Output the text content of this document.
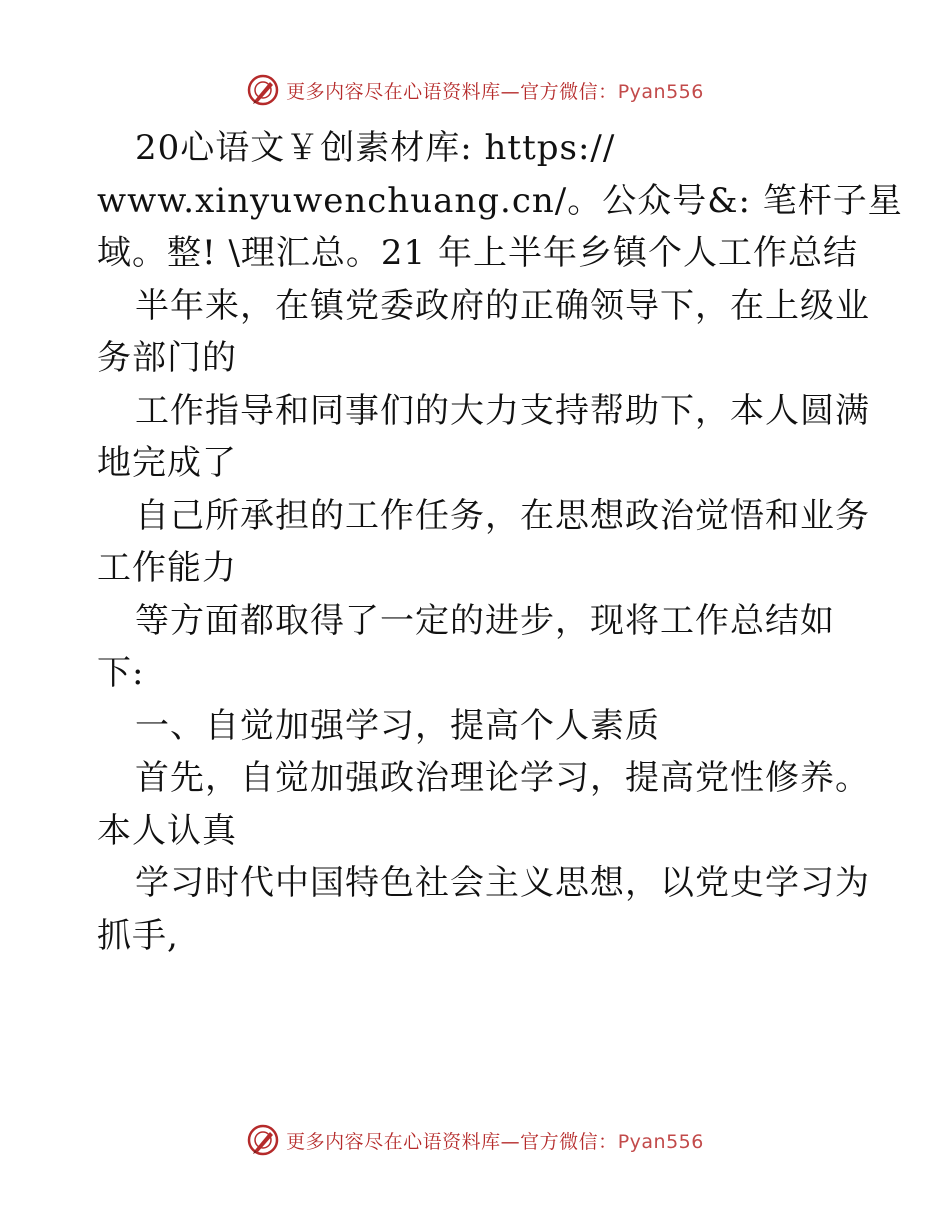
更多内容尽在心语资料库—官方微信：Pyan556
20心语文￥创素材库: https://
www.xinyuwenchuang.cn/。公众号&: 笔杆子星
域。整! \理汇总。21 年上半年乡镇个人工作总结
半年来，在镇党委政府的正确领导下，在上级业
务部门的
工作指导和同事们的大力支持帮助下，本人圆满
地完成了
自己所承担的工作任务，在思想政治觉悟和业务
工作能力
等方面都取得了一定的进步，现将工作总结如
下:
一、自觉加强学习，提高个人素质
首先，自觉加强政治理论学习，提高党性修养。
本人认真
学习时代中国特色社会主义思想，以党史学习为
抓手,
更多内容尽在心语资料库—官方微信：Pyan556
